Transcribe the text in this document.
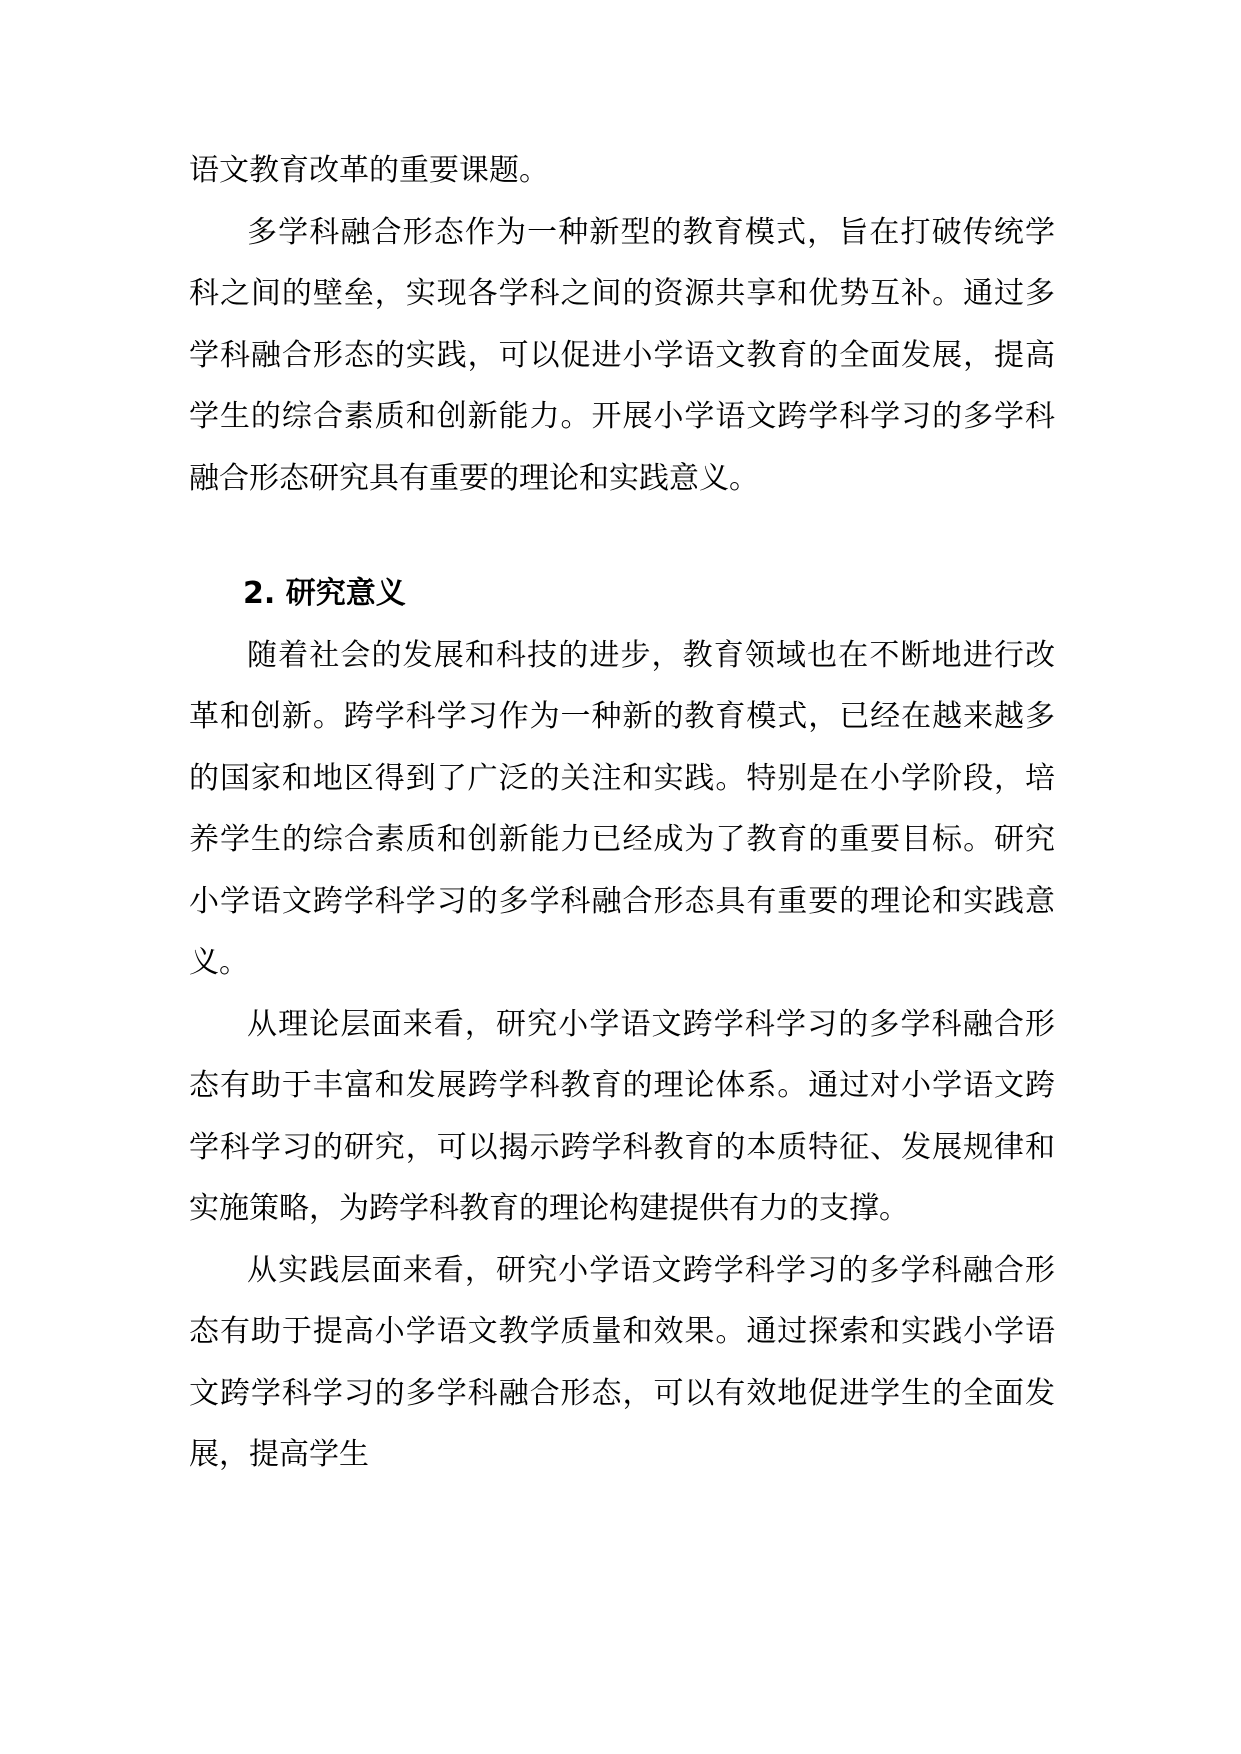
语文教育改革的重要课题。

多学科融合形态作为一种新型的教育模式，旨在打破传统学科之间的壁垒，实现各学科之间的资源共享和优势互补。通过多学科融合形态的实践，可以促进小学语文教育的全面发展，提高学生的综合素质和创新能力。开展小学语文跨学科学习的多学科融合形态研究具有重要的理论和实践意义。

2. 研究意义

随着社会的发展和科技的进步，教育领域也在不断地进行改革和创新。跨学科学习作为一种新的教育模式，已经在越来越多的国家和地区得到了广泛的关注和实践。特别是在小学阶段，培养学生的综合素质和创新能力已经成为了教育的重要目标。研究小学语文跨学科学习的多学科融合形态具有重要的理论和实践意义。

从理论层面来看，研究小学语文跨学科学习的多学科融合形态有助于丰富和发展跨学科教育的理论体系。通过对小学语文跨学科学习的研究，可以揭示跨学科教育的本质特征、发展规律和实施策略，为跨学科教育的理论构建提供有力的支撑。

从实践层面来看，研究小学语文跨学科学习的多学科融合形态有助于提高小学语文教学质量和效果。通过探索和实践小学语文跨学科学习的多学科融合形态，可以有效地促进学生的全面发展，提高学生
